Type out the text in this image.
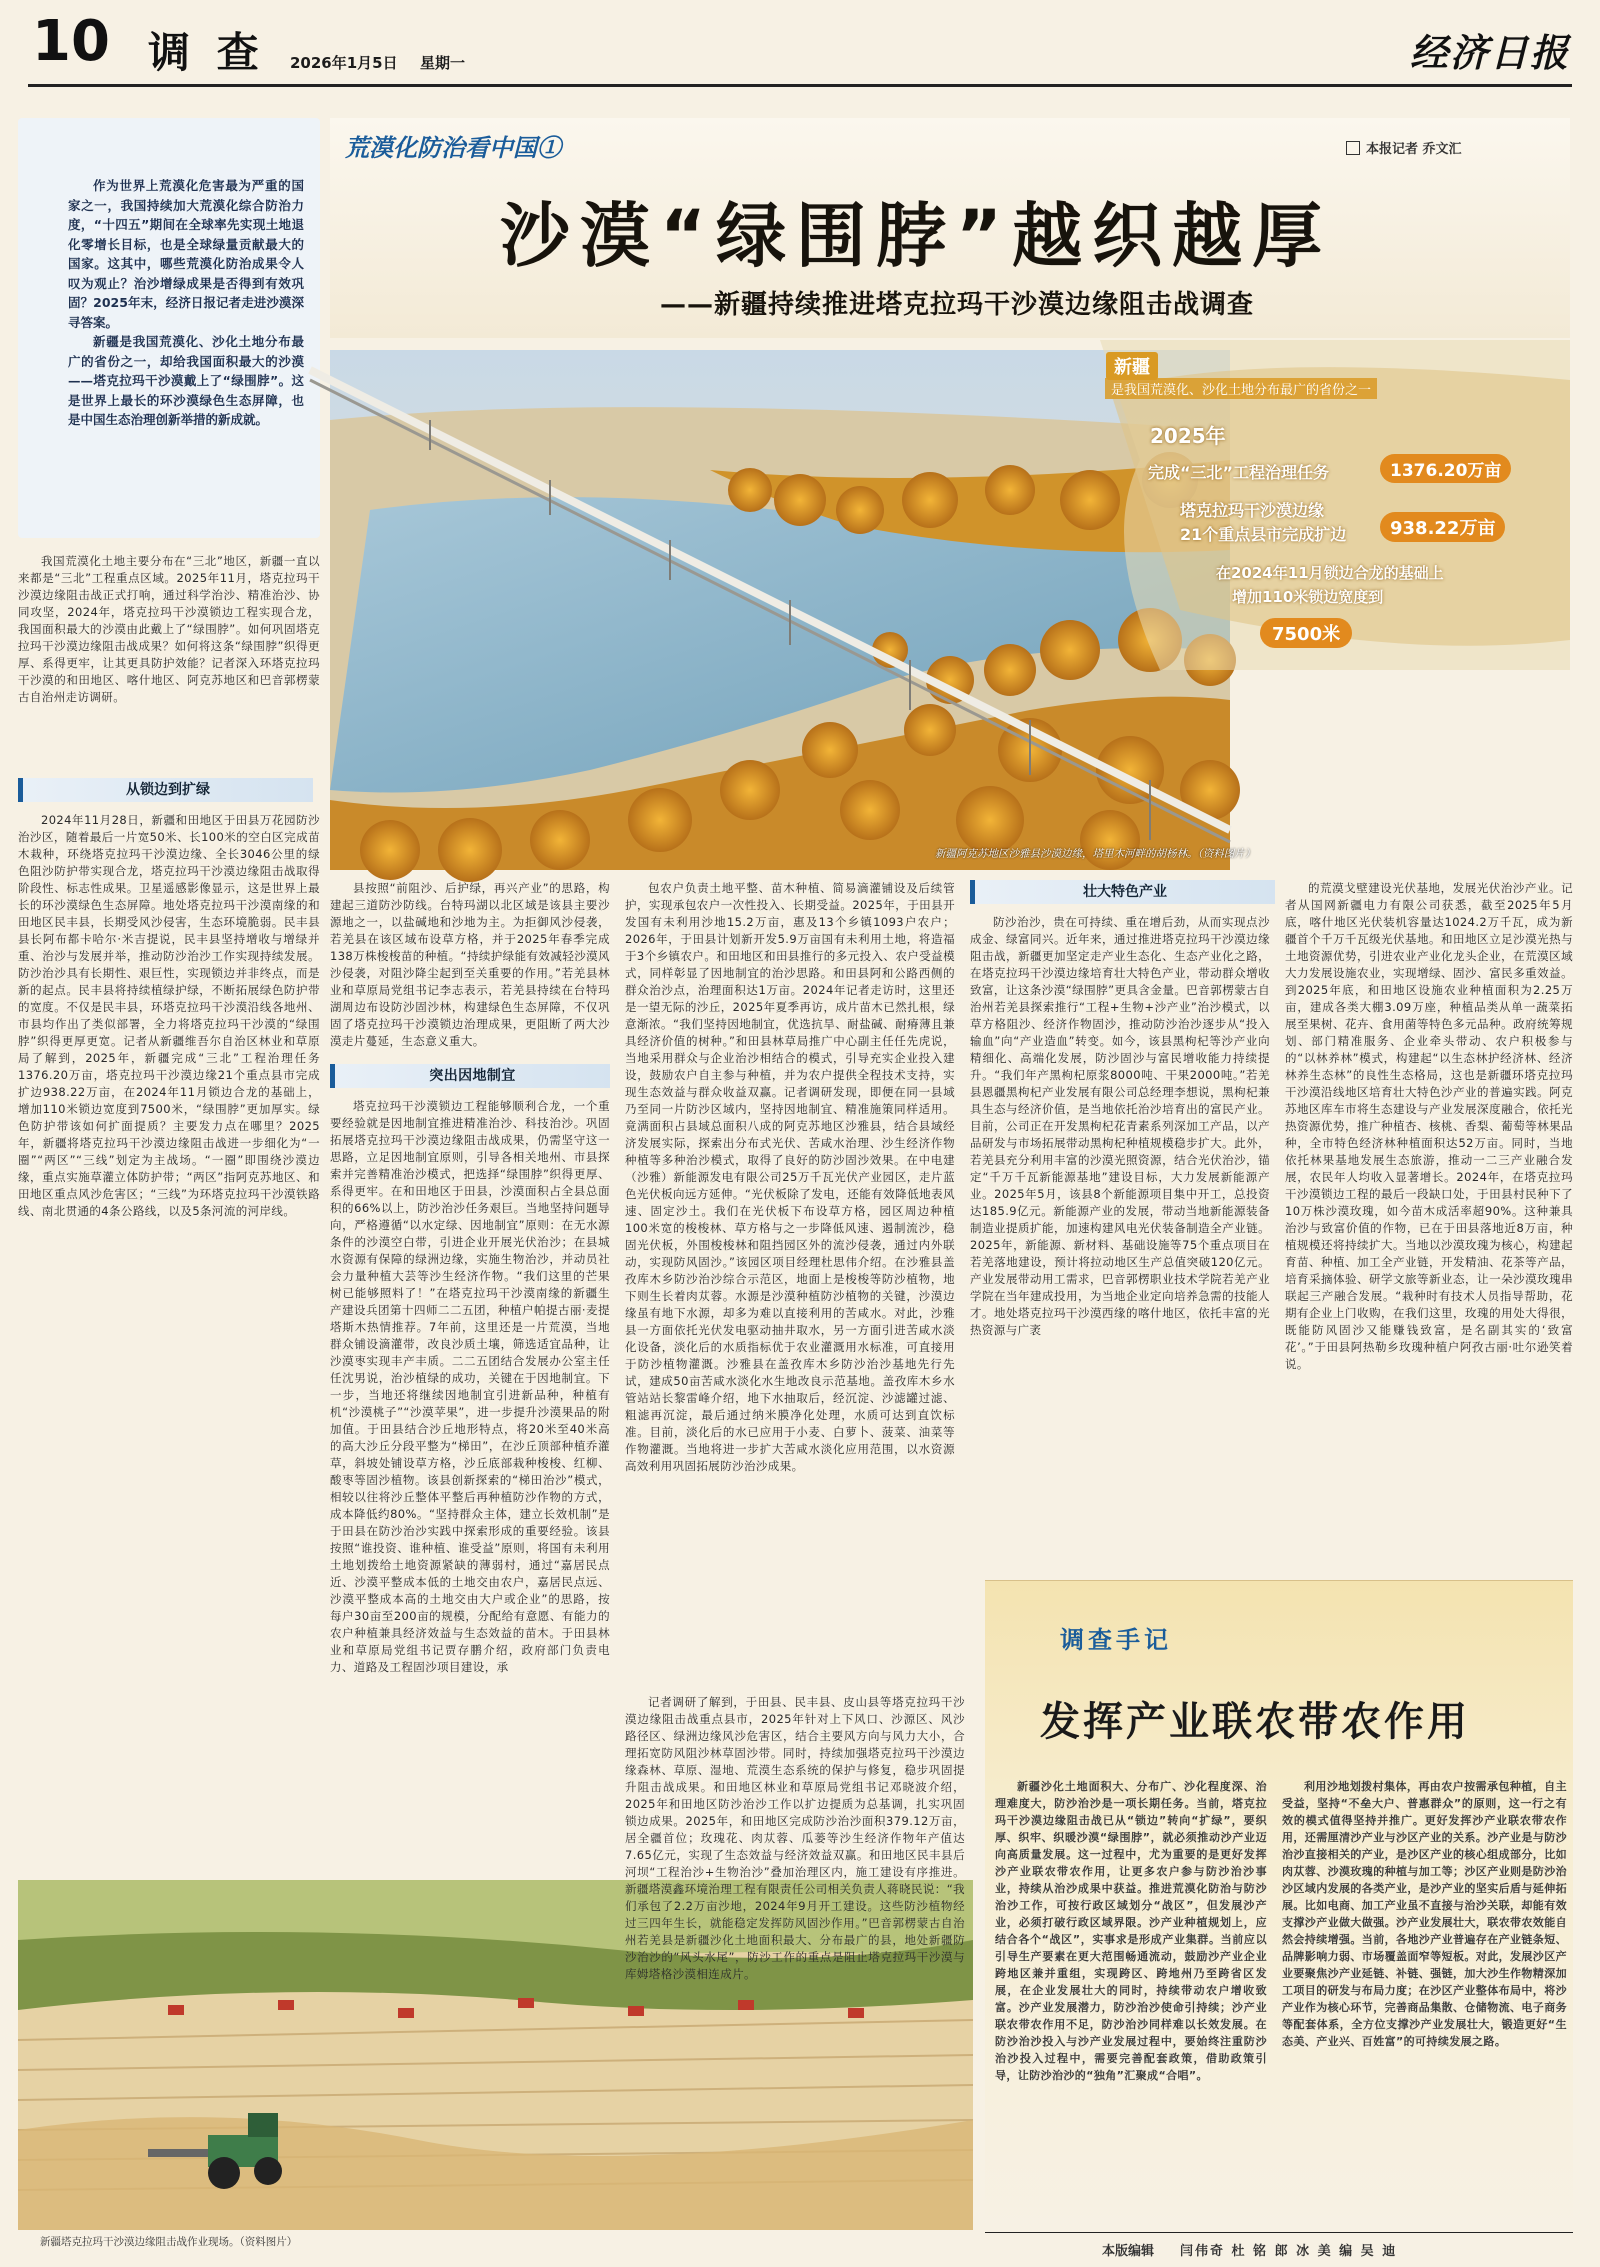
10 调 查 2026年1月5日 星期一	经济日报
荒漠化防治看中国①	本报记者 乔文汇
沙漠“绿围脖”越织越厚
——新疆持续推进塔克拉玛干沙漠边缘阻击战调查

作为世界上荒漠化危害最为严重的国家之一，我国持续加大荒漠化综合防治力度，“十四五”期间在全球率先实现土地退化零增长目标，也是全球绿量贡献最大的国家。这其中，哪些荒漠化防治成果令人叹为观止？治沙增绿成果是否得到有效巩固？2025年末，经济日报记者走进沙漠深寻答案。

新疆是我国荒漠化、沙化土地分布最广的省份之一，却给我国面积最大的沙漠——塔克拉玛干沙漠戴上了“绿围脖”。这是世界上最长的环沙漠绿色生态屏障，也是中国生态治理创新举措的新成就。

新疆阿克苏地区沙雅县沙漠边缘，塔里木河畔的胡杨林。（资料图片）
新疆
是我国荒漠化、沙化土地分布最广的省份之一
2025年
完成“三北”工程治理任务	1376.20万亩
塔克拉玛干沙漠边缘
21个重点县市完成扩边	938.22万亩
在2024年11月锁边合龙的基础上
增加110米锁边宽度到
7500米

我国荒漠化土地主要分布在“三北”地区，新疆一直以来都是“三北”工程重点区域。2025年11月，塔克拉玛干沙漠边缘阻击战正式打响，通过科学治沙、精准治沙、协同攻坚，2024年，塔克拉玛干沙漠锁边工程实现合龙，我国面积最大的沙漠由此戴上了“绿围脖”。如何巩固塔克拉玛干沙漠边缘阻击战成果？如何将这条“绿围脖”织得更厚、系得更牢，让其更具防护效能？记者深入环塔克拉玛干沙漠的和田地区、喀什地区、阿克苏地区和巴音郭楞蒙古自治州走访调研。

从锁边到扩绿

2024年11月28日，新疆和田地区于田县万花园防沙治沙区，随着最后一片宽50米、长100米的空白区完成苗木栽种，环绕塔克拉玛干沙漠边缘、全长3046公里的绿色阻沙防护带实现合龙，塔克拉玛干沙漠边缘阻击战取得阶段性、标志性成果。卫星遥感影像显示，这是世界上最长的环沙漠绿色生态屏障。地处塔克拉玛干沙漠南缘的和田地区民丰县，长期受风沙侵害，生态环境脆弱。民丰县县长阿布都卡哈尔·米吉提说，民丰县坚持增收与增绿并重、治沙与发展并举，推动防沙治沙工作实现持续发展。防沙治沙具有长期性、艰巨性，实现锁边并非终点，而是新的起点。民丰县将持续植绿护绿，不断拓展绿色防护带的宽度。不仅是民丰县，环塔克拉玛干沙漠沿线各地州、市县均作出了类似部署，全力将塔克拉玛干沙漠的“绿围脖”织得更厚更宽。记者从新疆维吾尔自治区林业和草原局了解到，2025年，新疆完成“三北”工程治理任务1376.20万亩，塔克拉玛干沙漠边缘21个重点县市完成扩边938.22万亩，在2024年11月锁边合龙的基础上，增加110米锁边宽度到7500米，“绿围脖”更加厚实。绿色防护带该如何扩面提质？主要发力点在哪里？2025年，新疆将塔克拉玛干沙漠边缘阻击战进一步细化为“一圈”“两区”“三线”划定为主战场。“一圈”即围绕沙漠边缘，重点实施草灌立体防护带；“两区”指阿克苏地区、和田地区重点风沙危害区；“三线”为环塔克拉玛干沙漠铁路线、南北贯通的4条公路线，以及5条河流的河岸线。

县按照“前阻沙、后护绿，再兴产业”的思路，构建起三道防沙防线。台特玛湖以北区域是该县主要沙源地之一，以盐碱地和沙地为主。为拒御风沙侵袭，若羌县在该区域布设草方格，并于2025年春季完成138万株梭梭苗的种植。“持续护绿能有效减轻沙漠风沙侵袭，对阻沙降尘起到至关重要的作用。”若羌县林业和草原局党组书记李志表示，若羌县持续在台特玛湖周边布设防沙固沙林，构建绿色生态屏障，不仅巩固了塔克拉玛干沙漠锁边治理成果，更阻断了两大沙漠走片蔓延，生态意义重大。

突出因地制宜

塔克拉玛干沙漠锁边工程能够顺利合龙，一个重要经验就是因地制宜推进精准治沙、科技治沙。巩固拓展塔克拉玛干沙漠边缘阻击战成果，仍需坚守这一思路，立足因地制宜原则，引导各相关地州、市县探索并完善精准治沙模式，把选择“绿围脖”织得更厚、系得更牢。在和田地区于田县，沙漠面积占全县总面积的66%以上，防沙治沙任务艰巨。当地坚持问题导向，严格遵循“以水定绿、因地制宜”原则：在无水源条件的沙漠空白带，引进企业开展光伏治沙；在县城水资源有保障的绿洲边缘，实施生物治沙，并动员社会力量种植大芸等沙生经济作物。“我们这里的芒果树已能够照料了！”在塔克拉玛干沙漠南缘的新疆生产建设兵团第十四师二二五团，种植户帕提古丽·麦提塔斯木热情推荐。7年前，这里还是一片荒漠，当地群众铺设滴灌带，改良沙质土壤，筛选适宜品种，让沙漠枣实现丰产丰质。二二五团结合发展办公室主任任沈男说，治沙植绿的成功，关键在于因地制宜。下一步，当地还将继续因地制宜引进新品种，种植有机“沙漠桃子”“沙漠苹果”，进一步提升沙漠果品的附加值。于田县结合沙丘地形特点，将20米至40米高的高大沙丘分段平整为“梯田”，在沙丘顶部种植乔灌草，斜坡处铺设草方格，沙丘底部栽种梭梭、红柳、酸枣等固沙植物。该县创新探索的“梯田治沙”模式，相较以往将沙丘整体平整后再种植防沙作物的方式，成本降低约80%。“坚持群众主体，建立长效机制”是于田县在防沙治沙实践中探索形成的重要经验。该县按照“谁投资、谁种植、谁受益”原则，将国有未利用土地划拨给土地资源紧缺的薄弱村，通过“嘉居民点近、沙漠平整成本低的土地交由农户，嘉居民点远、沙漠平整成本高的土地交由大户或企业”的思路，按每户30亩至200亩的规模，分配给有意愿、有能力的农户种植兼具经济效益与生态效益的苗木。于田县林业和草原局党组书记贾存鹏介绍，政府部门负责电力、道路及工程固沙项目建设，承

包农户负责土地平整、苗木种植、简易滴灌铺设及后续管护，实现承包农户一次性投入、长期受益。2025年，于田县开发国有未利用沙地15.2万亩，惠及13个乡镇1093户农户；2026年，于田县计划新开发5.9万亩国有未利用土地，将造福于3个乡镇农户。和田地区和田县推行的多元投入、农户受益模式，同样彰显了因地制宜的治沙思路。和田县阿和公路西侧的群众治沙点，治理面积达1万亩。2024年记者走访时，这里还是一望无际的沙丘，2025年夏季再访，成片苗木已然扎根，绿意渐浓。“我们坚持因地制宜，优选抗旱、耐盐碱、耐瘠薄且兼具经济价值的树种。”和田县林草局推广中心副主任任先虎说，当地采用群众与企业治沙相结合的模式，引导充实企业投入建设，鼓励农户自主参与种植，并为农户提供全程技术支持，实现生态效益与群众收益双赢。记者调研发现，即便在同一县域乃至同一片防沙区域内，坚持因地制宜、精准施策同样适用。竟满面积占县域总面积八成的阿克苏地区沙雅县，结合县域经济发展实际，探索出分布式光伏、苦咸水治理、沙生经济作物种植等多种治沙模式，取得了良好的防沙固沙效果。在中电建（沙雅）新能源发电有限公司25万千瓦光伏产业园区，走片蓝色光伏板向远方延伸。“光伏板除了发电，还能有效降低地表风速、固定沙土。我们在光伏板下布设草方格，园区周边种植100米宽的梭梭林、草方格与之一步降低风速、遏制流沙，稳固光伏板，外围梭梭林和阻挡园区外的流沙侵袭，通过内外联动，实现防风固沙。”该园区项目经理杜思伟介绍。在沙雅县盖孜库木乡防沙治沙综合示范区，地面上是梭梭等防沙植物，地下则生长着肉苁蓉。水源是沙漠种植防沙植物的关键，沙漠边缘虽有地下水源，却多为难以直接利用的苦咸水。对此，沙雅县一方面依托光伏发电驱动抽井取水，另一方面引进苦咸水淡化设备，淡化后的水质指标优于农业灌溉用水标准，可直接用于防沙植物灌溉。沙雅县在盖孜库木乡防沙治沙基地先行先试，建成50亩苦咸水淡化水生地改良示范基地。盖孜库木乡水管站站长黎雷峰介绍，地下水抽取后，经沉淀、沙滤罐过滤、粗滤再沉淀，最后通过纳米膜净化处理，水质可达到直饮标准。目前，淡化后的水已应用于小麦、白萝卜、菠菜、油菜等作物灌溉。当地将进一步扩大苦咸水淡化应用范围，以水资源高效利用巩固拓展防沙治沙成果。

壮大特色产业

防沙治沙，贵在可持续、重在增后劲，从而实现点沙成金、绿富同兴。近年来，通过推进塔克拉玛干沙漠边缘阻击战，新疆更加坚定走产业生态化、生态产业化之路，在塔克拉玛干沙漠边缘培育壮大特色产业，带动群众增收致富，让这条沙漠“绿围脖”更具含金量。巴音郭楞蒙古自治州若羌县探索推行“工程+生物+沙产业”治沙模式，以草方格阻沙、经济作物固沙，推动防沙治沙逐步从“投入输血”向“产业造血”转变。如今，该县黑枸杞等沙产业向精细化、高端化发展，防沙固沙与富民增收能力持续提升。“我们年产黑枸杞原浆8000吨、干果2000吨。”若羌县恩疆黑枸杞产业发展有限公司总经理李想说，黑枸杞兼具生态与经济价值，是当地依托治沙培育出的富民产业。目前，公司正在开发黑枸杞花青素系列深加工产品，以产品研发与市场拓展带动黑枸杞种植规模稳步扩大。此外，若羌县充分利用丰富的沙漠光照资源，结合光伏治沙，锚定“千万千瓦新能源基地”建设目标，大力发展新能源产业。2025年5月，该县8个新能源项目集中开工，总投资达185.9亿元。新能源产业的发展，带动当地新能源装备制造业提质扩能，加速构建风电光伏装备制造全产业链。2025年，新能源、新材料、基础设施等75个重点项目在若羌落地建设，预计将拉动地区生产总值突破120亿元。产业发展带动用工需求，巴音郭楞职业技术学院若羌产业学院在当年建成投用，为当地企业定向培养急需的技能人才。地处塔克拉玛干沙漠西缘的喀什地区，依托丰富的光热资源与广袤

的荒漠戈壁建设光伏基地，发展光伏治沙产业。记者从国网新疆电力有限公司获悉，截至2025年5月底，喀什地区光伏装机容量达1024.2万千瓦，成为新疆首个千万千瓦级光伏基地。和田地区立足沙漠光热与土地资源优势，引进农业产业化龙头企业，在荒漠区域大力发展设施农业，实现增绿、固沙、富民多重效益。到2025年底，和田地区设施农业种植面积为2.25万亩，建成各类大棚3.09万座，种植品类从单一蔬菜拓展至果树、花卉、食用菌等特色多元品种。政府统筹规划、部门精准服务、企业牵头带动、农户积极参与的“以林养林”模式，构建起“以生态林护经济林、经济林养生态林”的良性生态格局，这也是新疆环塔克拉玛干沙漠沿线地区培育壮大特色沙产业的普遍实践。阿克苏地区库车市将生态建设与产业发展深度融合，依托光热资源优势，推广种植杏、核桃、香梨、葡萄等林果品种，全市特色经济林种植面积达52万亩。同时，当地依托林果基地发展生态旅游，推动一二三产业融合发展，农民年人均收入显著增长。2024年，在塔克拉玛干沙漠锁边工程的最后一段缺口处，于田县村民种下了10万株沙漠玫瑰，如今苗木成活率超90%。这种兼具治沙与致富价值的作物，已在于田县落地近8万亩，种植规模还将持续扩大。当地以沙漠玫瑰为核心，构建起育苗、种植、加工全产业链，开发精油、花茶等产品，培育采摘体验、研学文旅等新业态，让一朵沙漠玫瑰串联起三产融合发展。“栽种时有技术人员指导帮助，花期有企业上门收购，在我们这里，玫瑰的用处大得很，既能防风固沙又能赚钱致富，是名副其实的‘致富花’。”于田县阿热勒乡玫瑰种植户阿孜古丽·吐尔逊笑着说。

新疆塔克拉玛干沙漠边缘阻击战作业现场。（资料图片）
调查手记
发挥产业联农带农作用

新疆沙化土地面积大、分布广、沙化程度深、治理难度大，防沙治沙是一项长期任务。当前，塔克拉玛干沙漠边缘阻击战已从“锁边”转向“扩绿”，要织厚、织牢、织暖沙漠“绿围脖”，就必须推动沙产业迈向高质量发展。这一过程中，尤为重要的是更好发挥沙产业联农带农作用，让更多农户参与防沙治沙事业，持续从治沙成果中获益。推进荒漠化防治与防沙治沙工作，可按行政区域划分“战区”，但发展沙产业，必须打破行政区域界限。沙产业种植规划上，应结合各个“战区”，实事求是形成产业集群。当前应以引导生产要素在更大范围畅通流动，鼓励沙产业企业跨地区兼并重组，实现跨区、跨地州乃至跨省区发展，在企业发展壮大的同时，持续带动农户增收致富。沙产业发展潜力，防沙治沙使命引持续；沙产业联农带农作用不足，防沙治沙同样难以长效发展。在防沙治沙投入与沙产业发展过程中，要始终注重防沙治沙投入过程中，需要完善配套政策，借助政策引导，让防沙治沙的“独角”汇聚成“合唱”。

利用沙地划拨村集体，再由农户按需承包种植，自主受益，坚持“不垒大户、普惠群众”的原则，这一行之有效的模式值得坚持并推广。更好发挥沙产业联农带农作用，还需厘清沙产业与沙区产业的关系。沙产业是与防沙治沙直接相关的产业，是沙区产业的核心组成部分，比如肉苁蓉、沙漠玫瑰的种植与加工等；沙区产业则是防沙治沙区域内发展的各类产业，是沙产业的坚实后盾与延伸拓展。比如电商、加工产业虽不直接与治沙关联，却能有效支撑沙产业做大做强。沙产业发展壮大，联农带农效能自然会持续增强。当前，各地沙产业普遍存在产业链条短、品牌影响力弱、市场覆盖面窄等短板。对此，发展沙区产业要聚焦沙产业延链、补链、强链，加大沙生作物精深加工项目的研发与布局力度；在沙区产业整体布局中，将沙产业作为核心环节，完善商品集散、仓储物流、电子商务等配套体系，全方位支撑沙产业发展壮大，锻造更好“生态美、产业兴、百姓富”的可持续发展之路。

记者调研了解到，于田县、民丰县、皮山县等塔克拉玛干沙漠边缘阻击战重点县市，2025年针对上下风口、沙源区、风沙路径区、绿洲边缘风沙危害区，结合主要风方向与风力大小，合理拓宽防风阻沙林草固沙带。同时，持续加强塔克拉玛干沙漠边缘森林、草原、湿地、荒漠生态系统的保护与修复，稳步巩固提升阻击战成果。和田地区林业和草原局党组书记邓晓波介绍，2025年和田地区防沙治沙工作以扩边提质为总基调，扎实巩固锁边成果。2025年，和田地区完成防沙治沙面积379.12万亩，居全疆首位；玫瑰花、肉苁蓉、瓜蒌等沙生经济作物年产值达7.65亿元，实现了生态效益与经济效益双赢。和田地区民丰县后河坝“工程治沙+生物治沙”叠加治理区内，施工建设有序推进。新疆塔漠鑫环境治理工程有限责任公司相关负责人蒋晓民说：“我们承包了2.2万亩沙地，2024年9月开工建设。这些防沙植物经过三四年生长，就能稳定发挥防风固沙作用。”巴音郭楞蒙古自治州若羌县是新疆沙化土地面积最大、分布最广的县，地处新疆防沙治沙的“风头水尾”，防沙工作的重点是阻止塔克拉玛干沙漠与库姆塔格沙漠相连成片。

本版编辑 闫伟奇 杜 铭 郎 冰 美 编 吴 迪
